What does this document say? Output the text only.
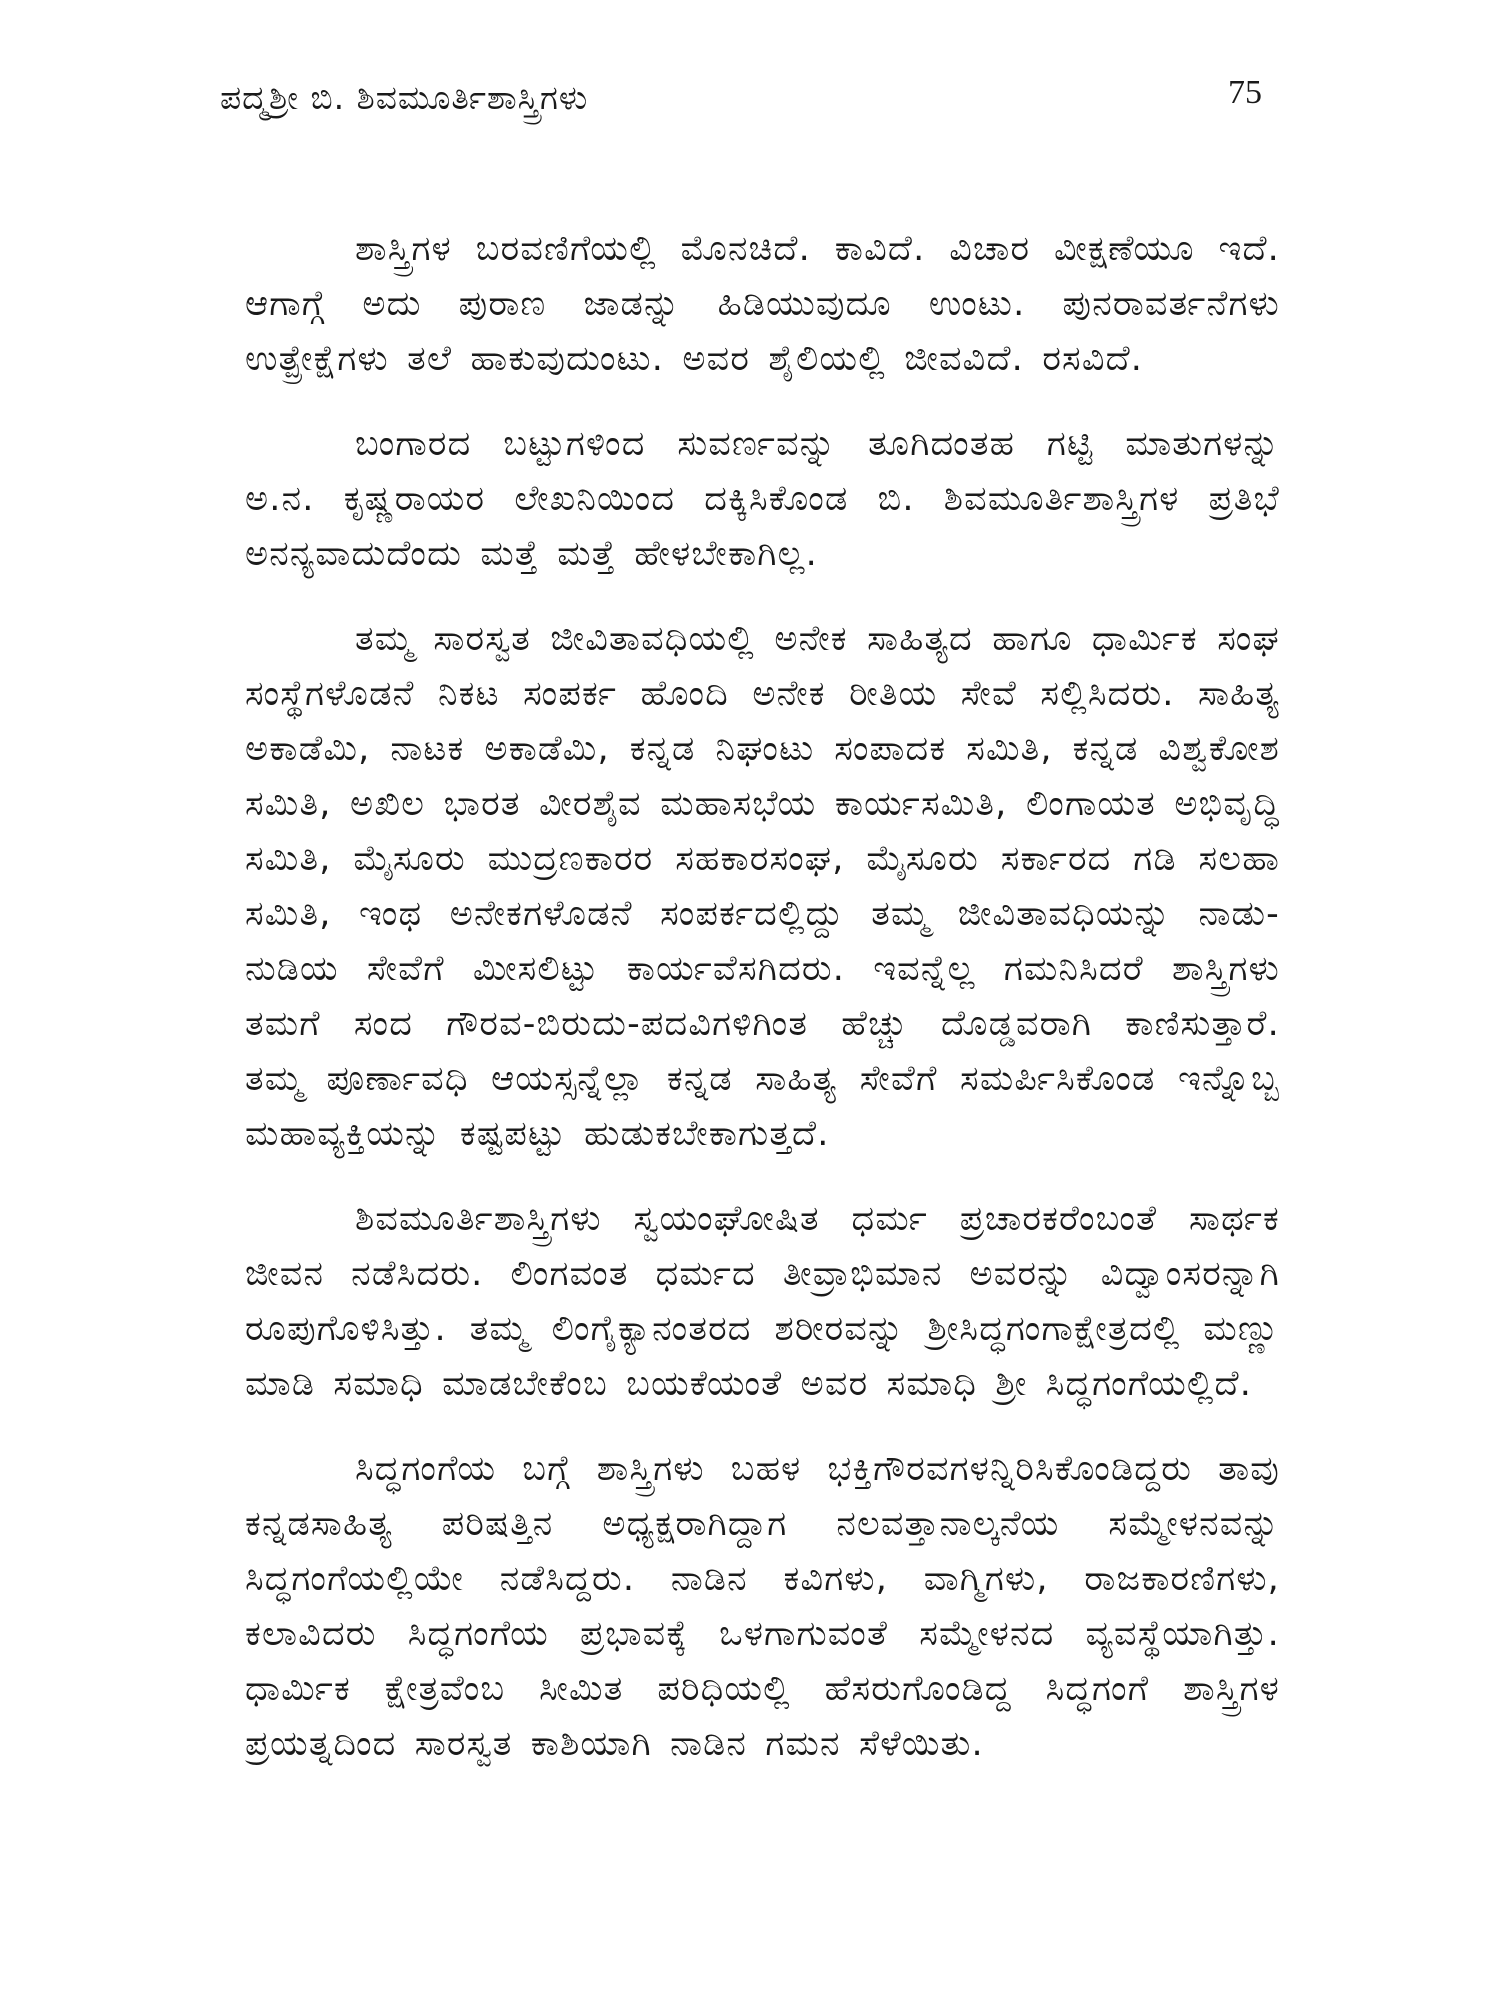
ಪದ್ಮಶ್ರೀ ಬಿ. ಶಿವಮೂರ್ತಿಶಾಸ್ತ್ರಿಗಳು	75

ಶಾಸ್ತ್ರಿಗಳ ಬರವಣಿಗೆಯಲ್ಲಿ ಮೊನಚಿದೆ. ಕಾವಿದೆ. ವಿಚಾರ ವೀಕ್ಷಣೆಯೂ ಇದೆ. ಆಗಾಗ್ಗೆ ಅದು ಪುರಾಣ ಜಾಡನ್ನು ಹಿಡಿಯುವುದೂ ಉಂಟು. ಪುನರಾವರ್ತನೆಗಳು ಉತ್ಪ್ರೇಕ್ಷೆಗಳು ತಲೆ ಹಾಕುವುದುಂಟು. ಅವರ ಶೈಲಿಯಲ್ಲಿ ಜೀವವಿದೆ. ರಸವಿದೆ.

ಬಂಗಾರದ ಬಟ್ಟುಗಳಿಂದ ಸುವರ್ಣವನ್ನು ತೂಗಿದಂತಹ ಗಟ್ಟಿ ಮಾತುಗಳನ್ನು ಅ.ನ. ಕೃಷ್ಣರಾಯರ ಲೇಖನಿಯಿಂದ ದಕ್ಕಿಸಿಕೊಂಡ ಬಿ. ಶಿವಮೂರ್ತಿಶಾಸ್ತ್ರಿಗಳ ಪ್ರತಿಭೆ ಅನನ್ಯವಾದುದೆಂದು ಮತ್ತೆ ಮತ್ತೆ ಹೇಳಬೇಕಾಗಿಲ್ಲ.

ತಮ್ಮ ಸಾರಸ್ವತ ಜೀವಿತಾವಧಿಯಲ್ಲಿ ಅನೇಕ ಸಾಹಿತ್ಯದ ಹಾಗೂ ಧಾರ್ಮಿಕ ಸಂಘ ಸಂಸ್ಥೆಗಳೊಡನೆ ನಿಕಟ ಸಂಪರ್ಕ ಹೊಂದಿ ಅನೇಕ ರೀತಿಯ ಸೇವೆ ಸಲ್ಲಿಸಿದರು. ಸಾಹಿತ್ಯ ಅಕಾಡೆಮಿ, ನಾಟಕ ಅಕಾಡೆಮಿ, ಕನ್ನಡ ನಿಘಂಟು ಸಂಪಾದಕ ಸಮಿತಿ, ಕನ್ನಡ ವಿಶ್ವಕೋಶ ಸಮಿತಿ, ಅಖಿಲ ಭಾರತ ವೀರಶೈವ ಮಹಾಸಭೆಯ ಕಾರ್ಯಸಮಿತಿ, ಲಿಂಗಾಯತ ಅಭಿವೃದ್ಧಿ ಸಮಿತಿ, ಮೈಸೂರು ಮುದ್ರಣಕಾರರ ಸಹಕಾರಸಂಘ, ಮೈಸೂರು ಸರ್ಕಾರದ ಗಡಿ ಸಲಹಾ ಸಮಿತಿ, ಇಂಥ ಅನೇಕಗಳೊಡನೆ ಸಂಪರ್ಕದಲ್ಲಿದ್ದು ತಮ್ಮ ಜೀವಿತಾವಧಿಯನ್ನು ನಾಡು-ನುಡಿಯ ಸೇವೆಗೆ ಮೀಸಲಿಟ್ಟು ಕಾರ್ಯವೆಸಗಿದರು. ಇವನ್ನೆಲ್ಲ ಗಮನಿಸಿದರೆ ಶಾಸ್ತ್ರಿಗಳು ತಮಗೆ ಸಂದ ಗೌರವ-ಬಿರುದು-ಪದವಿಗಳಿಗಿಂತ ಹೆಚ್ಚು ದೊಡ್ಡವರಾಗಿ ಕಾಣಿಸುತ್ತಾರೆ. ತಮ್ಮ ಪೂರ್ಣಾವಧಿ ಆಯಸ್ಸನ್ನೆಲ್ಲಾ ಕನ್ನಡ ಸಾಹಿತ್ಯ ಸೇವೆಗೆ ಸಮರ್ಪಿಸಿಕೊಂಡ ಇನ್ನೊಬ್ಬ ಮಹಾವ್ಯಕ್ತಿಯನ್ನು ಕಷ್ಟಪಟ್ಟು ಹುಡುಕಬೇಕಾಗುತ್ತದೆ.

ಶಿವಮೂರ್ತಿಶಾಸ್ತ್ರಿಗಳು ಸ್ವಯಂಘೋಷಿತ ಧರ್ಮ ಪ್ರಚಾರಕರೆಂಬಂತೆ ಸಾರ್ಥಕ ಜೀವನ ನಡೆಸಿದರು. ಲಿಂಗವಂತ ಧರ್ಮದ ತೀವ್ರಾಭಿಮಾನ ಅವರನ್ನು ವಿದ್ವಾಂಸರನ್ನಾಗಿ ರೂಪುಗೊಳಿಸಿತ್ತು. ತಮ್ಮ ಲಿಂಗೈಕ್ಯಾನಂತರದ ಶರೀರವನ್ನು ಶ್ರೀಸಿದ್ಧಗಂಗಾಕ್ಷೇತ್ರದಲ್ಲಿ ಮಣ್ಣು ಮಾಡಿ ಸಮಾಧಿ ಮಾಡಬೇಕೆಂಬ ಬಯಕೆಯಂತೆ ಅವರ ಸಮಾಧಿ ಶ್ರೀ ಸಿದ್ಧಗಂಗೆಯಲ್ಲಿದೆ.

ಸಿದ್ಧಗಂಗೆಯ ಬಗ್ಗೆ ಶಾಸ್ತ್ರಿಗಳು ಬಹಳ ಭಕ್ತಿಗೌರವಗಳನ್ನಿರಿಸಿಕೊಂಡಿದ್ದರು ತಾವು ಕನ್ನಡಸಾಹಿತ್ಯ ಪರಿಷತ್ತಿನ ಅಧ್ಯಕ್ಷರಾಗಿದ್ದಾಗ ನಲವತ್ತಾನಾಲ್ಕನೆಯ ಸಮ್ಮೇಳನವನ್ನು ಸಿದ್ಧಗಂಗೆಯಲ್ಲಿಯೇ ನಡೆಸಿದ್ದರು. ನಾಡಿನ ಕವಿಗಳು, ವಾಗ್ಮಿಗಳು, ರಾಜಕಾರಣಿಗಳು, ಕಲಾವಿದರು ಸಿದ್ಧಗಂಗೆಯ ಪ್ರಭಾವಕ್ಕೆ ಒಳಗಾಗುವಂತೆ ಸಮ್ಮೇಳನದ ವ್ಯವಸ್ಥೆಯಾಗಿತ್ತು. ಧಾರ್ಮಿಕ ಕ್ಷೇತ್ರವೆಂಬ ಸೀಮಿತ ಪರಿಧಿಯಲ್ಲಿ ಹೆಸರುಗೊಂಡಿದ್ದ ಸಿದ್ಧಗಂಗೆ ಶಾಸ್ತ್ರಿಗಳ ಪ್ರಯತ್ನದಿಂದ ಸಾರಸ್ವತ ಕಾಶಿಯಾಗಿ ನಾಡಿನ ಗಮನ ಸೆಳೆಯಿತು.
